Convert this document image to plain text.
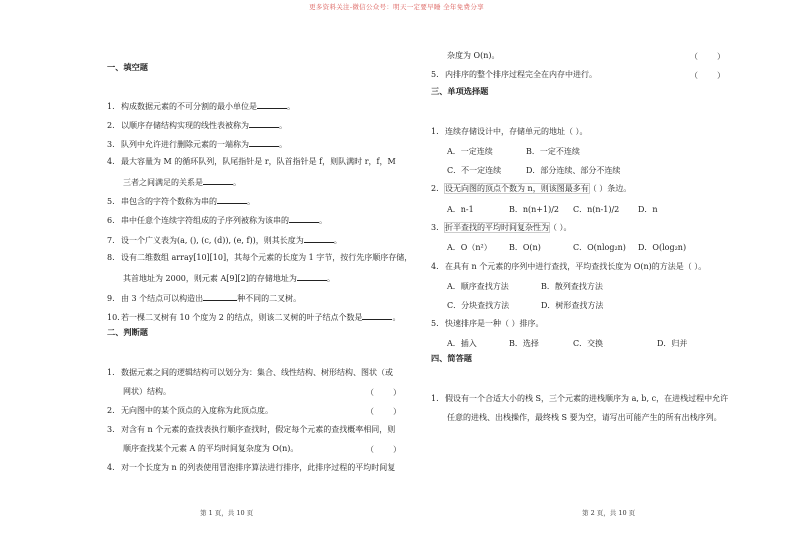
更多资料关注-微信公众号：明天一定要早睡 全年免费分享
一、填空题
1. 构成数据元素的不可分割的最小单位是	。
2. 以顺序存储结构实现的线性表被称为	。
3. 队列中允许进行删除元素的一端称为	。
4. 最大容量为 M 的循环队列，队尾指针是 r，队首指针是 f，则队满时 r，f，M
三者之间满足的关系是	。
5. 串包含的字符个数称为串的	。
6. 串中任意个连续字符组成的子序列被称为该串的	。
7. 设一个广义表为(a, (), (c, (d)), (e, f))，则其长度为	。
8. 设有二维数组 array[10][10]，其每个元素的长度为 1 字节，按行先序顺序存储，
其首地址为 2000，则元素 A[9][2]的存储地址为	。
9. 由 3 个结点可以构造出	种不同的二叉树。
10.若一棵二叉树有 10 个度为 2 的结点，则该二叉树的叶子结点个数是	。
二、判断题
1. 数据元素之间的逻辑结构可以划分为：集合、线性结构、树形结构、图状（或
网状）结构。	（ ）
2. 无向图中的某个顶点的入度称为此顶点度。	（ ）
3. 对含有 n 个元素的查找表执行顺序查找时，假定每个元素的查找概率相同，则
顺序查找某个元素 A 的平均时间复杂度为 O(n)。	（ ）
4. 对一个长度为 n 的列表使用冒泡排序算法进行排序，此排序过程的平均时间复
第 1 页，共 10 页
杂度为 O(n)。	（ ）
5. 内排序的整个排序过程完全在内存中进行。	（ ）
三、单项选择题
1. 连续存储设计中，存储单元的地址（ ）。
A．一定连续	B．一定不连续
C．不一定连续	D．部分连续、部分不连续
2. 设无向图的顶点个数为 n，则该图最多有（ ）条边。
A．n-1	B．n(n+1)/2 C．n(n-1)/2 D．n
3. 折半查找的平均时间复杂性为（ ）。
A．O（n²） B．O(n)	C．O(nlog₂n) D．O(log₂n)
4. 在具有 n 个元素的序列中进行查找，平均查找长度为 O(n)的方法是（ ）。
A．顺序查找方法	B．散列查找方法
C．分块查找方法	D．树形查找方法
5. 快速排序是一种（ ）排序。
A．插入	B．选择	C．交换	D．归并
四、简答题
1. 假设有一个合适大小的栈 S，三个元素的进栈顺序为 a, b, c，在进栈过程中允许
任意的进栈、出栈操作，最终栈 S 要为空，请写出可能产生的所有出栈序列。
第 2 页，共 10 页
